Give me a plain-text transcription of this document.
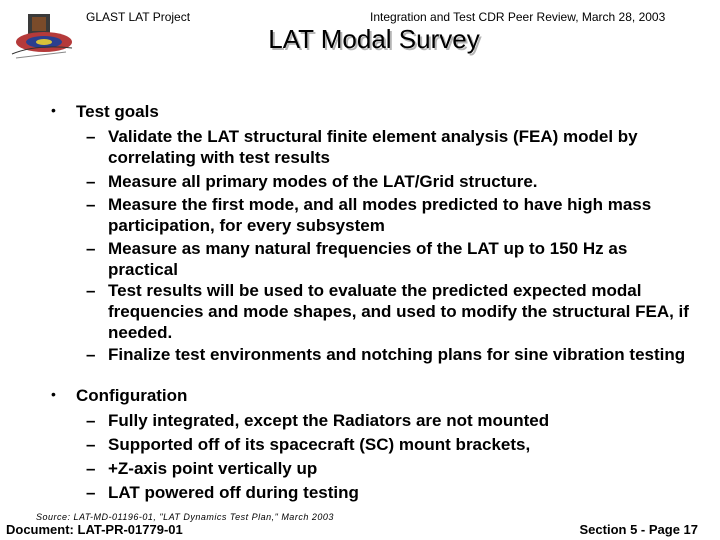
GLAST LAT Project	Integration and Test CDR Peer Review, March 28, 2003
LAT Modal Survey
• Test goals
– Validate the LAT structural finite element analysis (FEA) model by correlating with test results
– Measure all primary modes of the LAT/Grid structure.
– Measure the first mode, and all modes predicted to have high mass participation, for every subsystem
– Measure as many natural frequencies of the LAT up to 150 Hz as practical
– Test results will be used to evaluate the predicted expected modal frequencies and mode shapes, and used to modify the structural FEA, if needed.
– Finalize test environments and notching plans for sine vibration testing
• Configuration
– Fully integrated, except the Radiators are not mounted
– Supported off of its spacecraft (SC) mount brackets,
– +Z-axis point vertically up
– LAT powered off during testing
Source: LAT-MD-01196-01, "LAT Dynamics Test Plan," March 2003
Document: LAT-PR-01779-01	Section 5 - Page 17
